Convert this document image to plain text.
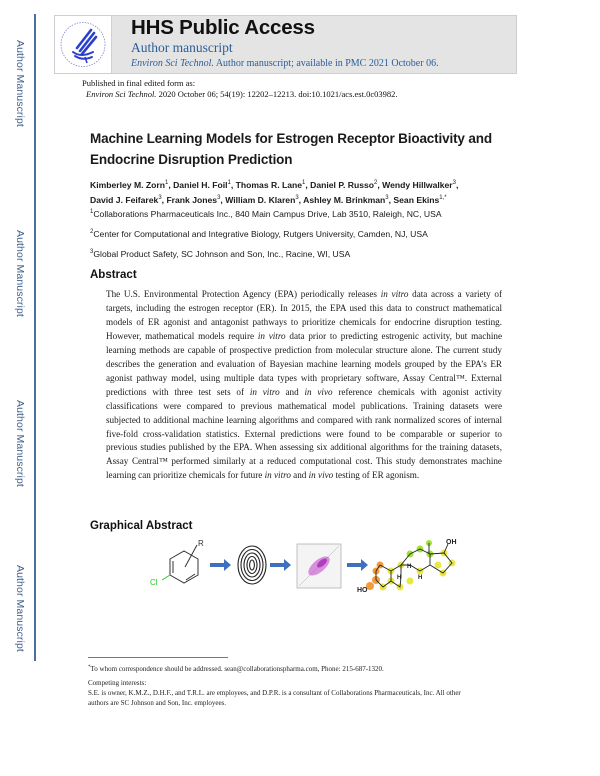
Author Manuscript
Author Manuscript
Author Manuscript
Author Manuscript
HHS Public Access
Author manuscript
Environ Sci Technol. Author manuscript; available in PMC 2021 October 06.
Published in final edited form as:
Environ Sci Technol. 2020 October 06; 54(19): 12202–12213. doi:10.1021/acs.est.0c03982.
Machine Learning Models for Estrogen Receptor Bioactivity and Endocrine Disruption Prediction
Kimberley M. Zorn$^1$, Daniel H. Foil$^1$, Thomas R. Lane$^1$, Daniel P. Russo$^2$, Wendy Hillwalker$^3$,
David J. Feifarek$^3$, Frank Jones$^3$, William D. Klaren$^3$, Ashley M. Brinkman$^3$, Sean Ekins$^{1,*}$
$^1$Collaborations Pharmaceuticals Inc., 840 Main Campus Drive, Lab 3510, Raleigh, NC, USA
$^2$Center for Computational and Integrative Biology, Rutgers University, Camden, NJ, USA
$^3$Global Product Safety, SC Johnson and Son, Inc., Racine, WI, USA
Abstract
The U.S. Environmental Protection Agency (EPA) periodically releases in vitro data across a variety of targets, including the estrogen receptor (ER). In 2015, the EPA used this data to construct mathematical models of ER agonist and antagonist pathways to prioritize chemicals for endocrine disruption testing. However, mathematical models require in vitro data prior to predicting estrogenic activity, but machine learning methods are capable of prospective prediction from molecular structure alone. The current study describes the generation and evaluation of Bayesian machine learning models grouped by the EPA’s ER agonist pathway model, using multiple data types with proprietary software, Assay Central™. External predictions with three test sets of in vitro and in vivo reference chemicals with agonist activity classifications were compared to previous mathematical model publications. Training datasets were subjected to additional machine learning algorithms and compared with rank normalized scores of internal five-fold cross-validation statistics. External predictions were found to be comparable or superior to previous studies published by the EPA. When assessing six additional algorithms for the training datasets, Assay Central™ performed similarly at a reduced computational cost. This study demonstrates machine learning can prioritize chemicals for future in vitro and in vivo testing of ER agonism.
Graphical Abstract
R
Cl
OH
HO
H
H	H
*To whom correspondence should be addressed. sean@collaborationspharma.com, Phone: 215-687-1320.
Competing interests:
S.E. is owner, K.M.Z., D.H.F., and T.R.L. are employees, and D.P.R. is a consultant of Collaborations Pharmaceuticals, Inc. All other
authors are SC Johnson and Son, Inc. employees.
